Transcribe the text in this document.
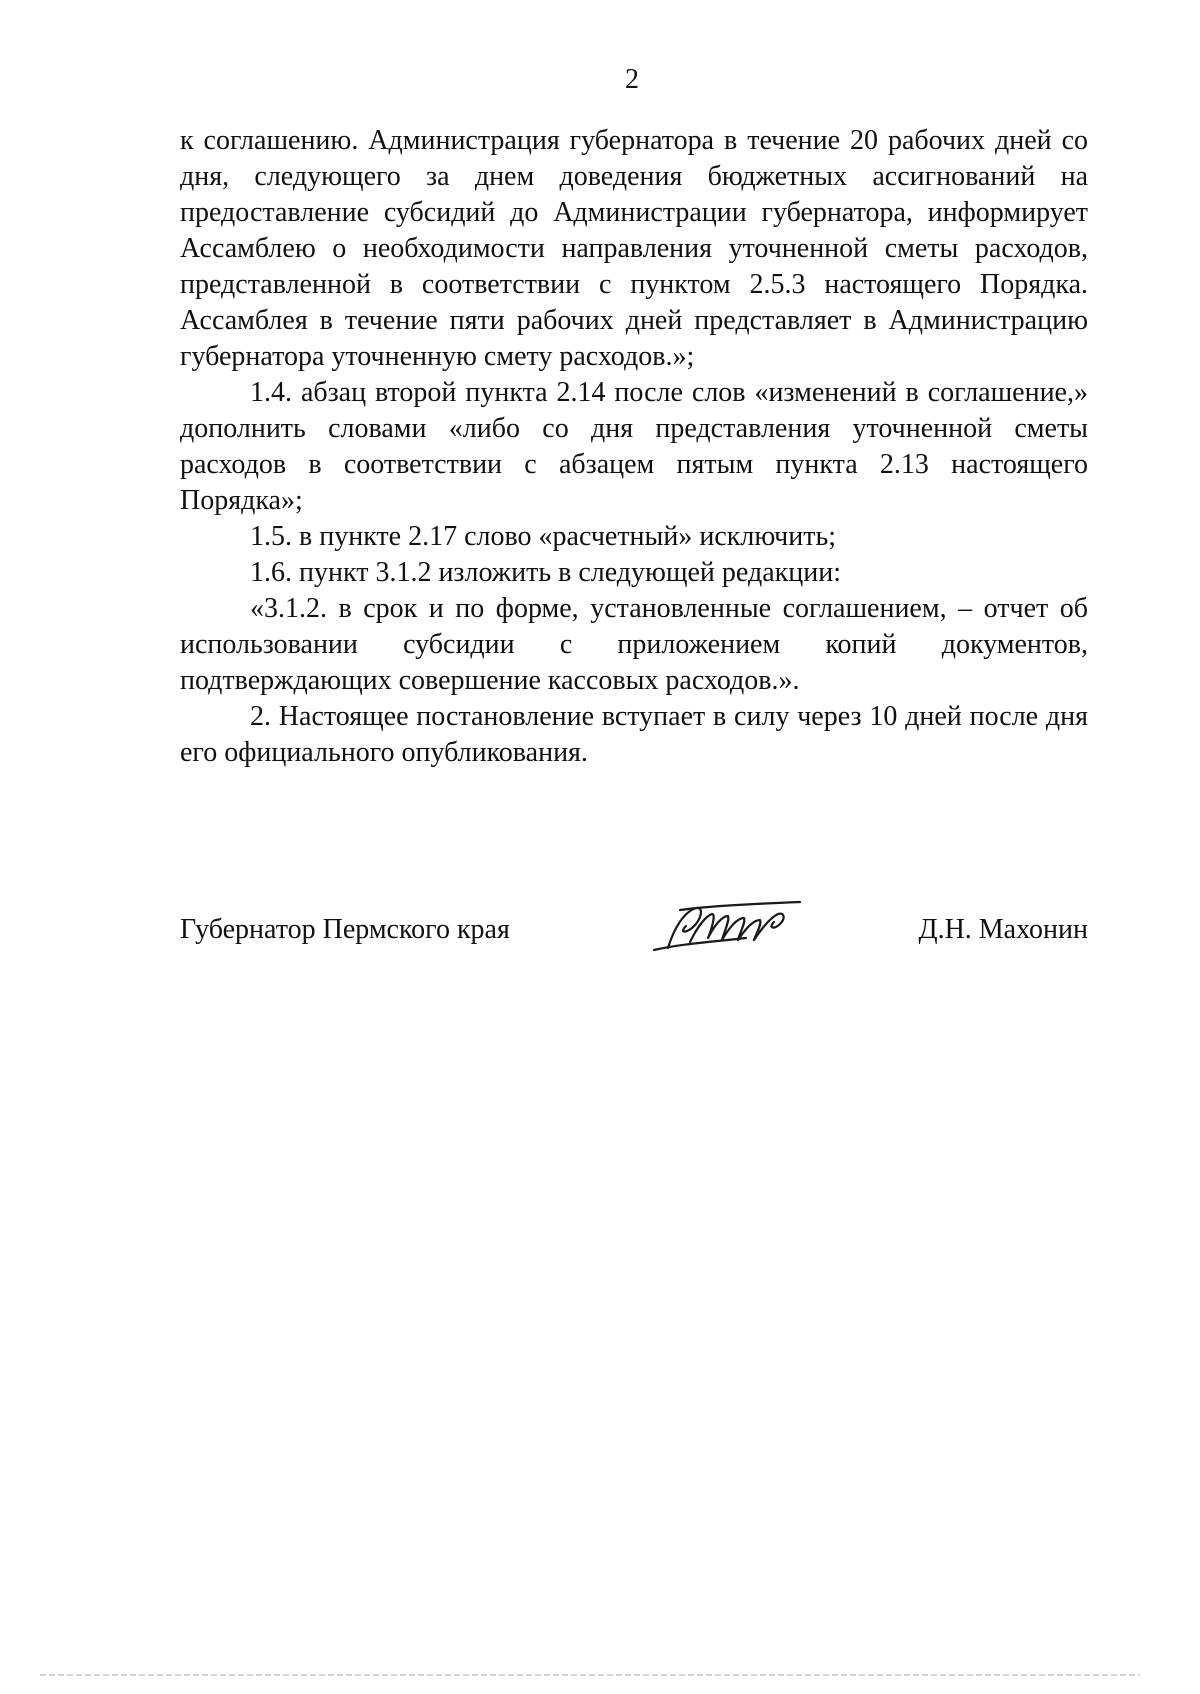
2

к соглашению. Администрация губернатора в течение 20 рабочих дней со дня, следующего за днем доведения бюджетных ассигнований на предоставление субсидий до Администрации губернатора, информирует Ассамблею о необходимости направления уточненной сметы расходов, представленной в соответствии с пунктом 2.5.3 настоящего Порядка. Ассамблея в течение пяти рабочих дней представляет в Администрацию губернатора уточненную смету расходов.»;

1.4. абзац второй пункта 2.14 после слов «изменений в соглашение,» дополнить словами «либо со дня представления уточненной сметы расходов в соответствии с абзацем пятым пункта 2.13 настоящего Порядка»;

1.5. в пункте 2.17 слово «расчетный» исключить;

1.6. пункт 3.1.2 изложить в следующей редакции:

«3.1.2. в срок и по форме, установленные соглашением, – отчет об использовании субсидии с приложением копий документов, подтверждающих совершение кассовых расходов.».

2. Настоящее постановление вступает в силу через 10 дней после дня его официального опубликования.

Губернатор Пермского края	Д.Н. Махонин
